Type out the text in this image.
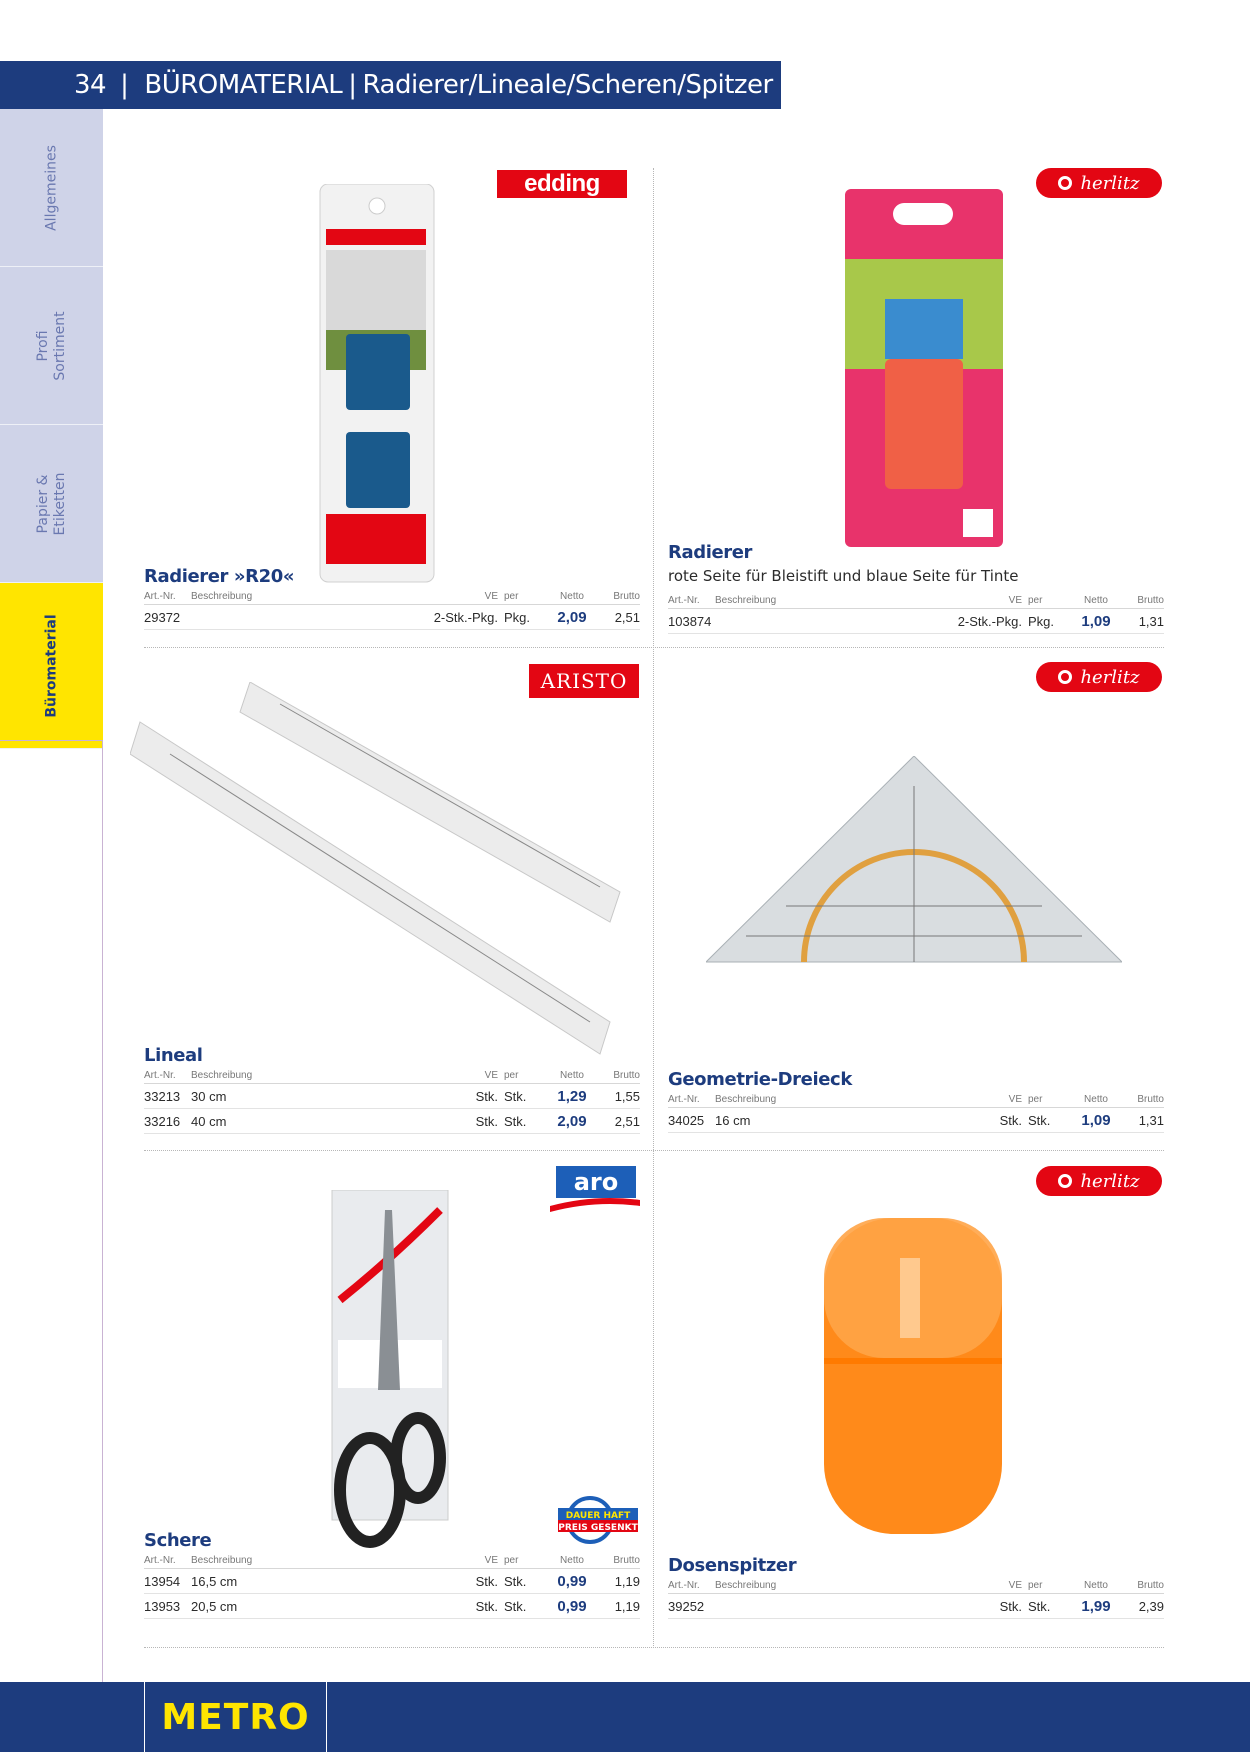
34 | BÜROMATERIAL | Radierer/Lineale/Scheren/Spitzer
Allgemeines
Profi Sortiment
Papier & Etiketten
Büromaterial
edding	herlitz
ARISTO	herlitz
aro	herlitz
DAUER HAFT
PREIS GESENKT
Radierer »R20«
Art.-Nr.	Beschreibung	VE	per	Netto	Brutto
29372		2-Stk.-Pkg.	Pkg.	2,09	2,51
Radierer
rote Seite für Bleistift und blaue Seite für Tinte
Art.-Nr.	Beschreibung	VE	per	Netto	Brutto
103874		2-Stk.-Pkg.	Pkg.	1,09	1,31
Lineal
Art.-Nr.	Beschreibung	VE	per	Netto	Brutto
33213	30 cm	Stk.	Stk.	1,29	1,55
33216	40 cm	Stk.	Stk.	2,09	2,51
Geometrie-Dreieck
Art.-Nr.	Beschreibung	VE	per	Netto	Brutto
34025	16 cm	Stk.	Stk.	1,09	1,31
Schere
Art.-Nr.	Beschreibung	VE	per	Netto	Brutto
13954	16,5 cm	Stk.	Stk.	0,99	1,19
13953	20,5 cm	Stk.	Stk.	0,99	1,19
Dosenspitzer
Art.-Nr.	Beschreibung	VE	per	Netto	Brutto
39252		Stk.	Stk.	1,99	2,39
METRO
